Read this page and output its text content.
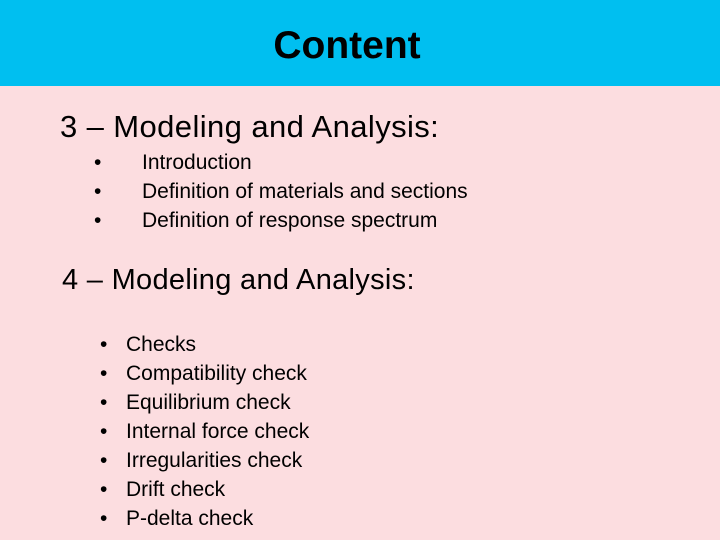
Content
3 – Modeling and Analysis:
• Introduction
• Definition of materials and sections
• Definition of response spectrum
4 – Modeling and Analysis:
• Checks
• Compatibility check
• Equilibrium check
• Internal force check
• Irregularities check
• Drift check
• P-delta check
